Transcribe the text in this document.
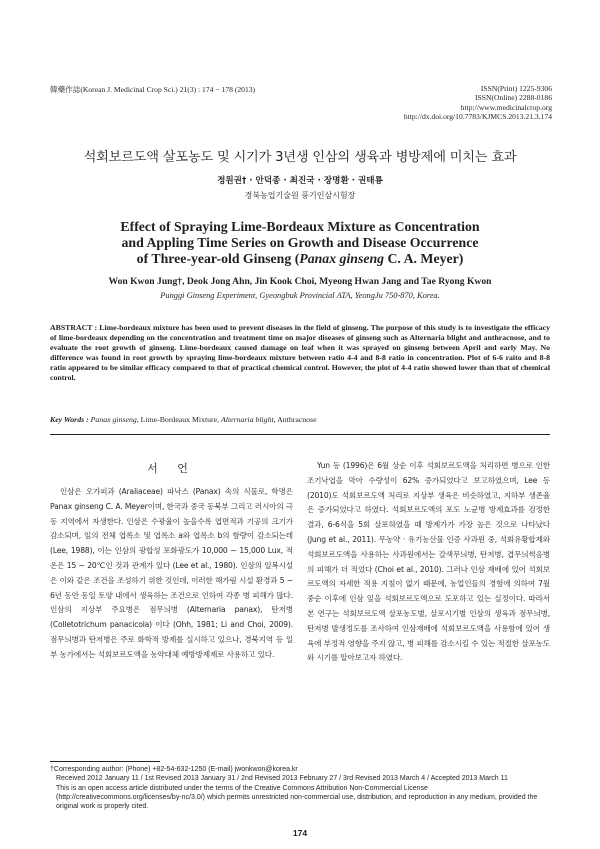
韓藥作誌(Korean J. Medicinal Crop Sci.) 21(3) : 174 − 178 (2013)	ISSN(Print) 1225-9306
ISSN(Online) 2288-0186
http://www.medicinalcrop.org
http://dx.doi.org/10.7783/KJMCS.2013.21.3.174
석회보르도액 살포농도 및 시기가 3년생 인삼의 생육과 병방제에 미치는 효과
정원권† · 안덕종 · 최진국 · 장명환 · 권태룡
경북농업기술원 풍기인삼시험장
Effect of Spraying Lime-Bordeaux Mixture as Concentration
and Appling Time Series on Growth and Disease Occurrence
of Three-year-old Ginseng (Panax ginseng C. A. Meyer)
Won Kwon Jung†, Deok Jong Ahn, Jin Kook Choi, Myeong Hwan Jang and Tae Ryong Kwon
Punggi Ginseng Experiment, Gyeongbuk Provincial ATA, YeongJu 750-870, Korea.
ABSTRACT : Lime-bordeaux mixture has been used to prevent diseases in the field of ginseng. The purpose of this study is to investigate the efficacy of lime-bordeaux depending on the concentration and treatment time on major diseases of ginseng such as Alternaria blight and anthracnose, and to evaluate the root growth of ginseng. Lime-bordeaux caused damage on leaf when it was sprayed on ginseng between April and early May. No difference was found in root growth by spraying lime-bordeaux mixture between ratio 4-4 and 8-8 ratio in concentration. Plot of 6-6 raito and 8-8 ratio appeared to be similar efficacy compared to that of practical chemical control. However, the plot of 4-4 ratio showed lower than that of chemical control.
Key Words : Panax ginseng, Lime-Bordeaux Mixture, Alternaria blight, Anthracnose
서 언
인삼은 오가피과 (Araliaceae) 파낙스 (Panax) 속의 식물로, 학명은 Panax ginseng C. A. Meyer이며, 한국과 중국 동북부 그리고 러시아의 극동 지역에서 자생한다. 인삼은 수광율이 높을수록 엽면적과 기공의 크기가 감소되며, 잎의 전체 엽록소 및 엽록소 a와 엽록소 b의 함량이 감소되는데 (Lee, 1988), 이는 인삼의 광합성 포화광도가 10,000 ~ 15,000 Lux, 적온은 15 ~ 20℃인 것과 관계가 있다 (Lee et al., 1980). 인삼의 일복시설은 이와 같은 조건을 조성하기 위한 것인데, 이러한 해가림 시설 환경과 5 ~ 6년 동안 동일 토양 내에서 생육하는 조건으로 인하여 각종 병 피해가 많다. 인삼의 지상부 주요병은 점무늬병 (Alternaria panax), 탄저병 (Colletotrichum panacicola) 이다 (Ohh, 1981; Li and Choi, 2009). 점무늬병과 탄저병은 주로 화학적 방제를 실시하고 있으나, 경북지역 등 일부 농가에서는 석회보르도액을 농약대체 예방방제제로 사용하고 있다.
Yun 등 (1996)은 6월 상순 이후 석회보르도액을 처리하면 병으로 인한 조기낙엽을 막아 수량성이 62% 증가되었다고 보고하였으며, Lee 등 (2010)도 석회보르도액 처리로 지상부 생육은 비슷하였고, 지하부 생존율은 증가되었다고 하였다. 석회보르도액의 포도 노균병 방제효과를 검정한 결과, 6-6식을 5회 살포하였을 때 방제가가 가장 높은 것으로 나타났다 (Jung et al., 2011). 무농약 · 유기농산물 인증 사과원 중, 석회유황합제와 석회보르도액을 사용하는 사과원에서는 갈색무늬병, 탄저병, 겹무늬썩음병의 피해가 더 적었다 (Choi et al., 2010). 그러나 인삼 재배에 있어 석회보르도액의 자세한 적용 지침이 없기 때문에, 농업인들의 경험에 의하여 7월 중순 이후에 인삼 잎을 석회보르도액으로 도포하고 있는 실정이다. 따라서 본 연구는 석회보르도액 살포농도별, 살포시기별 인삼의 생육과 점무늬병, 탄저병 발생정도를 조사하여 인삼재배에 석회보르도액을 사용함에 있어 생육에 부정적 영향을 주지 않고, 병 피해를 감소시킬 수 있는 적절한 살포농도와 시기를 알아보고자 하였다.
†Corresponding author: (Phone) +82-54-632-1250 (E-mail) jwonkwon@korea.kr
Received 2012 January 11 / 1st Revised 2013 January 31 / 2nd Revised 2013 February 27 / 3rd Revised 2013 March 4 / Accepted 2013 March 11
This is an open access article distributed under the terms of the Creative Commons Attribution Non-Commercial License (http://creativecommons.org/licenses/by-nc/3.0/) which permits unrestricted non-commercial use, distribution, and reproduction in any medium, provided the original work is properly cited.
174
